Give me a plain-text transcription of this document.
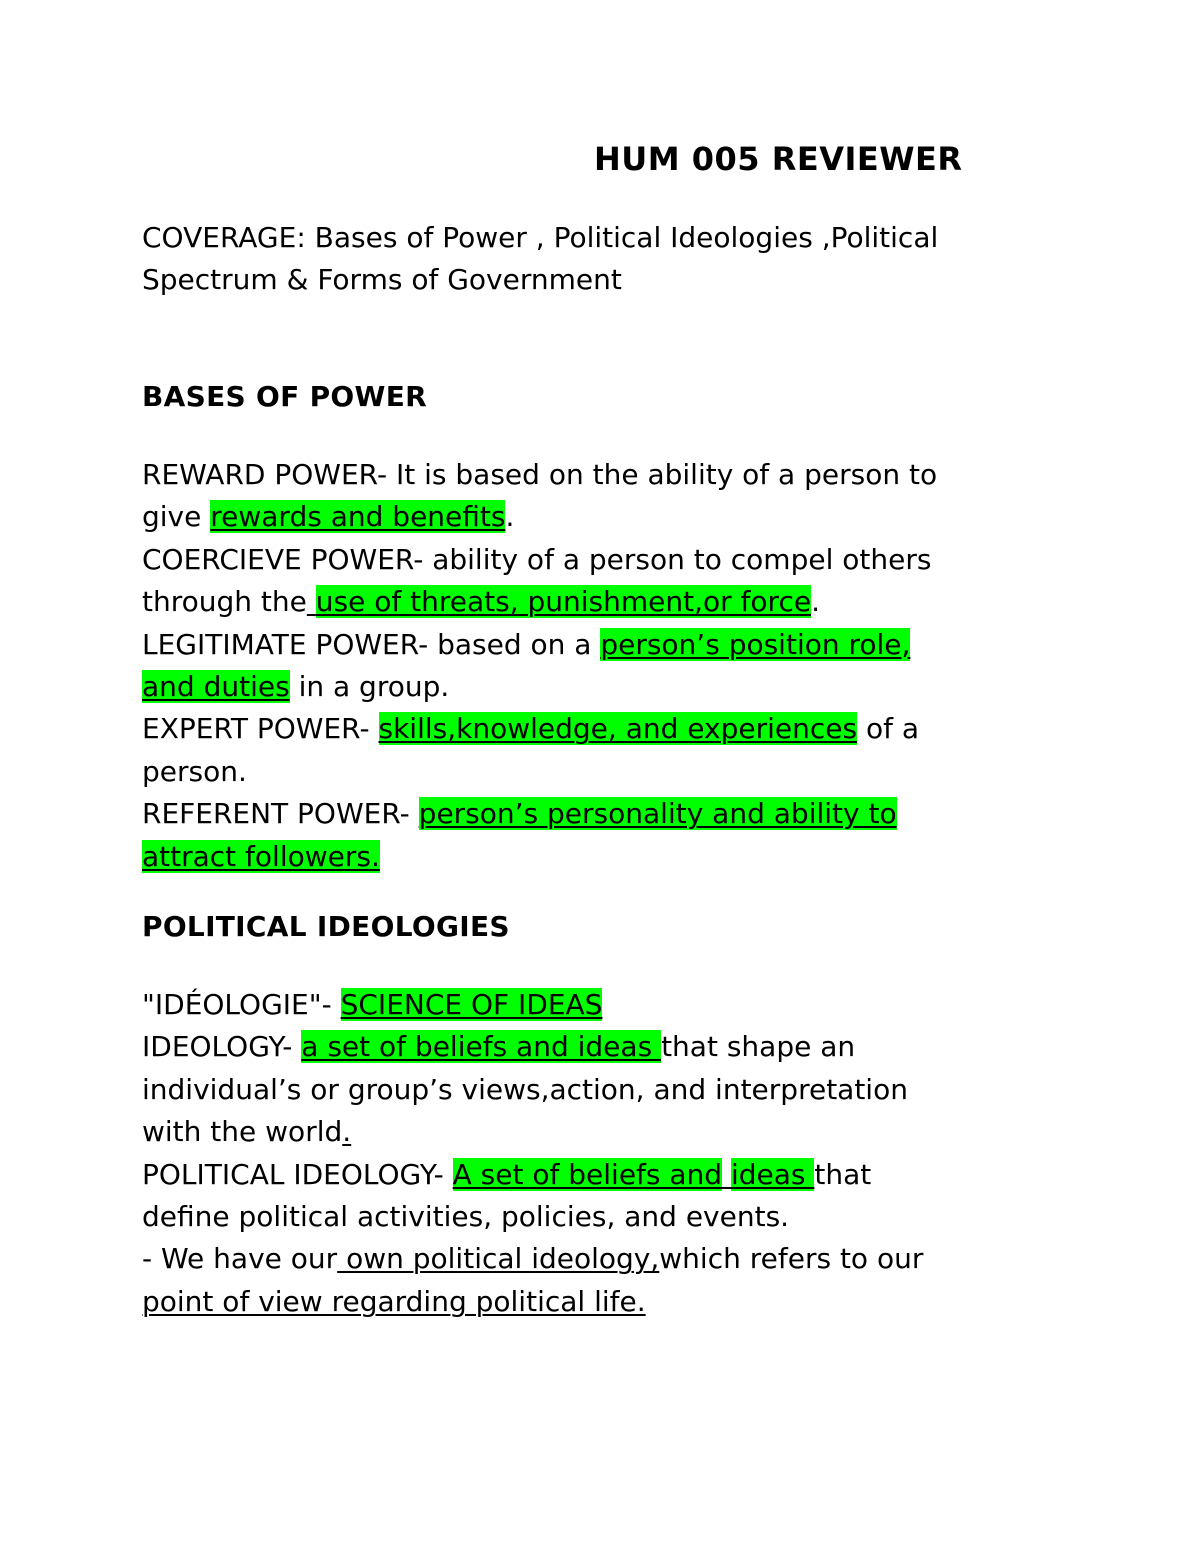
HUM 005 REVIEWER
COVERAGE: Bases of Power , Political Ideologies ,Political
Spectrum & Forms of Government
BASES OF POWER
REWARD POWER- It is based on the ability of a person to
give rewards and benefits.
COERCIEVE POWER- ability of a person to compel others
through the use of threats, punishment,or force.
LEGITIMATE POWER- based on a person’s position role,
and duties in a group.
EXPERT POWER- skills,knowledge, and experiences of a
person.
REFERENT POWER- person’s personality and ability to
attract followers.
POLITICAL IDEOLOGIES
"IDÉOLOGIE"- SCIENCE OF IDEAS
IDEOLOGY- a set of beliefs and ideas that shape an
individual’s or group’s views,action, and interpretation
with the world.
POLITICAL IDEOLOGY- A set of beliefs and ideas that
define political activities, policies, and events.
- We have our own political ideology,which refers to our
point of view regarding political life.
